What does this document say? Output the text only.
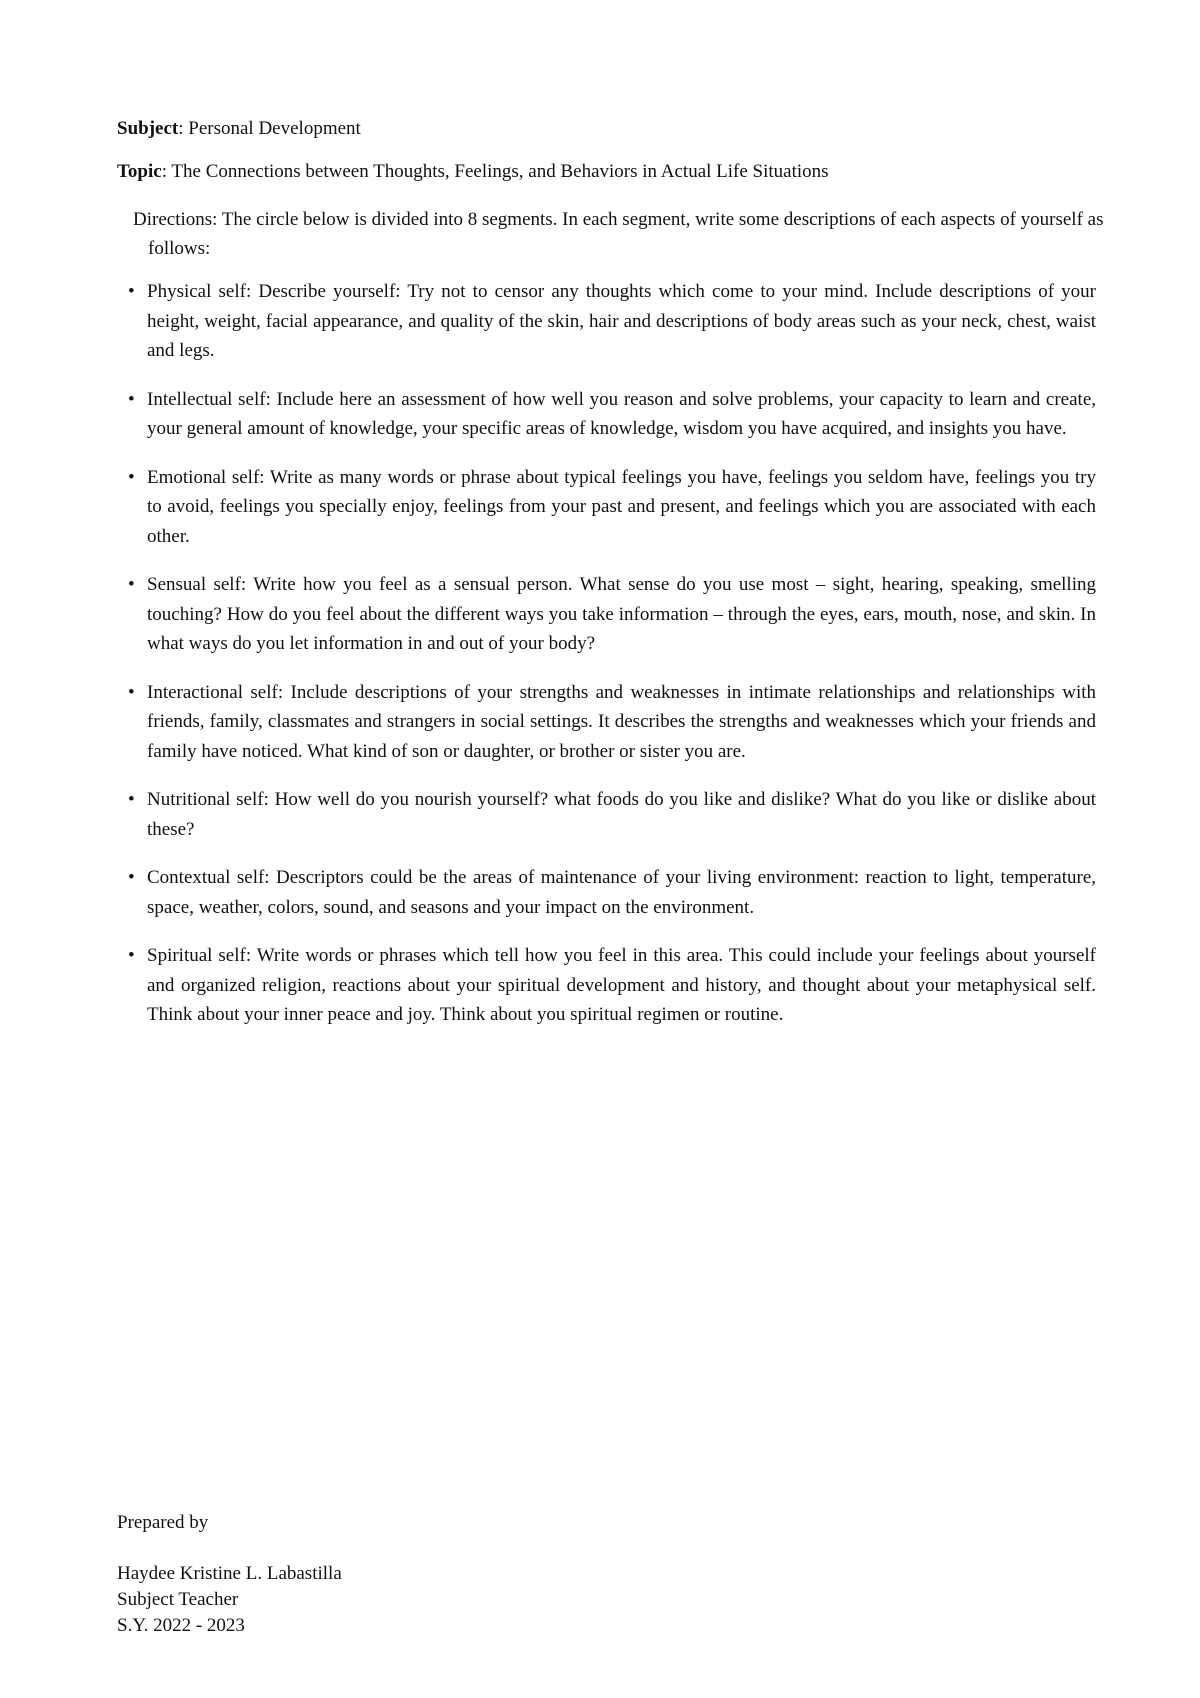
Subject: Personal Development
Topic: The Connections between Thoughts, Feelings, and Behaviors in Actual Life Situations
Directions: The circle below is divided into 8 segments. In each segment, write some descriptions of each aspects of yourself as follows:
• Physical self: Describe yourself: Try not to censor any thoughts which come to your mind. Include descriptions of your height, weight, facial appearance, and quality of the skin, hair and descriptions of body areas such as your neck, chest, waist and legs.
• Intellectual self: Include here an assessment of how well you reason and solve problems, your capacity to learn and create, your general amount of knowledge, your specific areas of knowledge, wisdom you have acquired, and insights you have.
• Emotional self: Write as many words or phrase about typical feelings you have, feelings you seldom have, feelings you try to avoid, feelings you specially enjoy, feelings from your past and present, and feelings which you are associated with each other.
• Sensual self: Write how you feel as a sensual person. What sense do you use most – sight, hearing, speaking, smelling touching? How do you feel about the different ways you take information – through the eyes, ears, mouth, nose, and skin. In what ways do you let information in and out of your body?
• Interactional self: Include descriptions of your strengths and weaknesses in intimate relationships and relationships with friends, family, classmates and strangers in social settings. It describes the strengths and weaknesses which your friends and family have noticed. What kind of son or daughter, or brother or sister you are.
• Nutritional self: How well do you nourish yourself? what foods do you like and dislike? What do you like or dislike about these?
• Contextual self: Descriptors could be the areas of maintenance of your living environment: reaction to light, temperature, space, weather, colors, sound, and seasons and your impact on the environment.
• Spiritual self: Write words or phrases which tell how you feel in this area. This could include your feelings about yourself and organized religion, reactions about your spiritual development and history, and thought about your metaphysical self. Think about your inner peace and joy. Think about you spiritual regimen or routine.
Prepared by
Haydee Kristine L. Labastilla
Subject Teacher
S.Y. 2022 - 2023
